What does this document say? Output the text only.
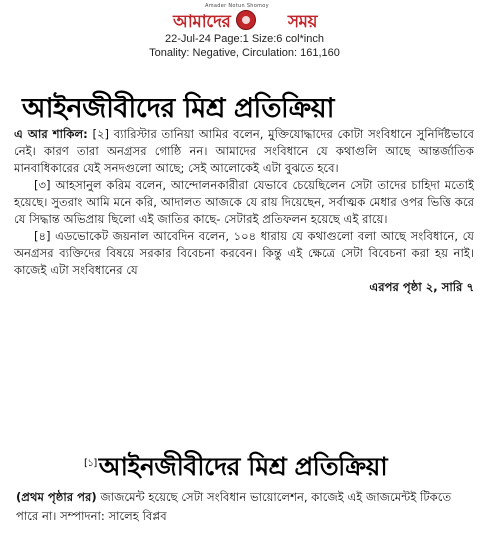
Amader Notun Shomoy
আমাদের	সময়
22-Jul-24 Page:1 Size:6 col*inch
Tonality: Negative, Circulation: 161,160
আইনজীবীদের মিশ্র প্রতিক্রিয়া

এ আর শাকিল: [২] ব্যারিস্টার তানিয়া আমির বলেন, মুক্তিযোদ্ধাদের কোটা সংবিধানে সুনির্দিষ্টভাবে নেই। কারণ তারা অনগ্রসর গোষ্ঠি নন। আমাদের সংবিধানে যে কথাগুলি আছে আন্তর্জাতিক মানবাধিকারের যেই সনদগুলো আছে; সেই আলোকেই এটা বুঝতে হবে।

[৩] আহসানুল করিম বলেন, আন্দোলনকারীরা যেভাবে চেয়েছিলেন সেটা তাদের চাহিদা মতোই হয়েছে। সুতরাং আমি মনে করি, আদালত আজকে যে রায় দিয়েছেন, সর্বাত্মক মেধার ওপর ভিত্তি করে যে সিদ্ধান্ত অভিপ্রায় ছিলো এই জাতির কাছে- সেটারই প্রতিফলন হয়েছে এই রায়ে।

[৪] এডভোকেট জয়নাল আবেদিন বলেন, ১০৪ ধারায় যে কথাগুলো বলা আছে সংবিধানে, যে অনগ্রসর ব্যক্তিদের বিষয়ে সরকার বিবেচনা করবেন। কিন্তু এই ক্ষেত্রে সেটা বিবেচনা করা হয় নাই। কাজেই এটা সংবিধানের যে

এরপর পৃষ্ঠা ২, সারি ৭

[১]আইনজীবীদের মিশ্র প্রতিক্রিয়া
(প্রথম পৃষ্ঠার পর) জাজমেন্ট হয়েছে সেটা সংবিধান ভায়োলেশন, কাজেই এই জাজমেন্টই টিকতে পারে না। সম্পাদনা: সালেহ বিপ্লব
